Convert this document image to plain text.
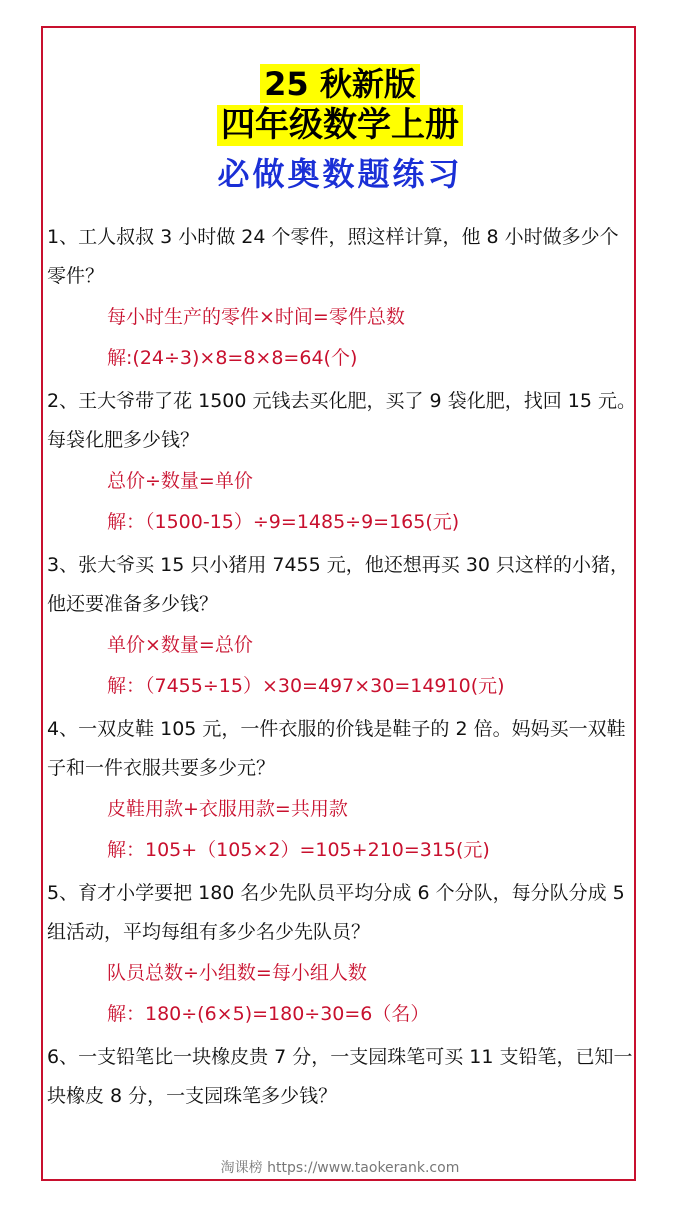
25 秋新版
四年级数学上册
必做奥数题练习

1、工人叔叔 3 小时做 24 个零件，照这样计算，他 8 小时做多少个零件？

每小时生产的零件×时间=零件总数

解:(24÷3)×8=8×8=64(个)

2、王大爷带了花 1500 元钱去买化肥，买了 9 袋化肥，找回 15 元。每袋化肥多少钱？

总价÷数量=单价

解：（1500-15）÷9=1485÷9=165(元)

3、张大爷买 15 只小猪用 7455 元，他还想再买 30 只这样的小猪，他还要准备多少钱？

单价×数量=总价

解：（7455÷15）×30=497×30=14910(元)

4、一双皮鞋 105 元，一件衣服的价钱是鞋子的 2 倍。妈妈买一双鞋子和一件衣服共要多少元？

皮鞋用款+衣服用款=共用款

解：105+（105×2）=105+210=315(元)

5、育才小学要把 180 名少先队员平均分成 6 个分队，每分队分成 5 组活动，平均每组有多少名少先队员？

队员总数÷小组数=每小组人数

解：180÷(6×5)=180÷30=6（名）

6、一支铅笔比一块橡皮贵 7 分，一支园珠笔可买 11 支铅笔，已知一块橡皮 8 分，一支园珠笔多少钱？

淘课榜 https://www.taokerank.com
